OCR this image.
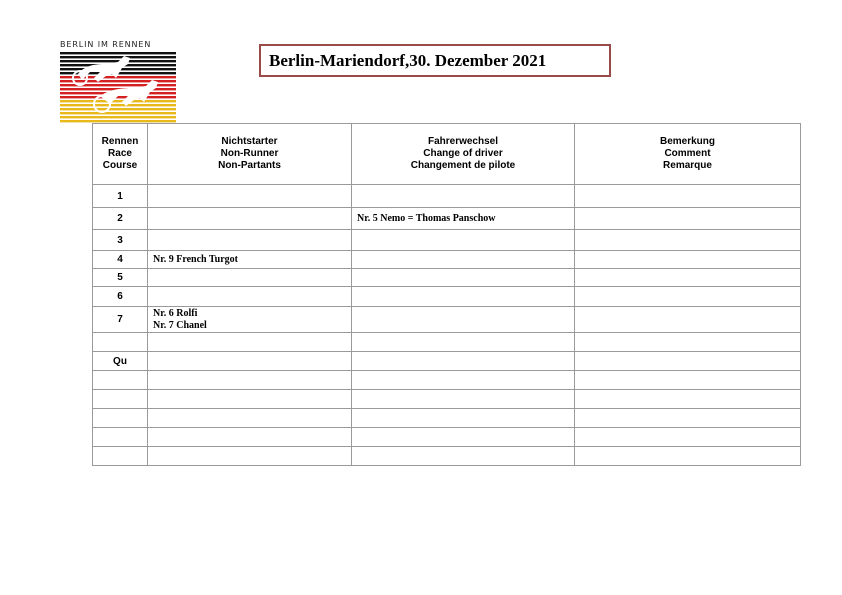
BERLIN IM RENNEN
Berlin-Mariendorf,30. Dezember 2021
Rennen
Race
Course	Nichtstarter
Non-Runner
Non-Partants	Fahrerwechsel
Change of driver
Changement de pilote	Bemerkung
Comment
Remarque

1			
2		Nr. 5 Nemo = Thomas Panschow	

3			
4	Nr. 9 French Turgot		

5			
6			
7	Nr. 6 Rolfi
Nr. 7 Chanel		

Qu			
